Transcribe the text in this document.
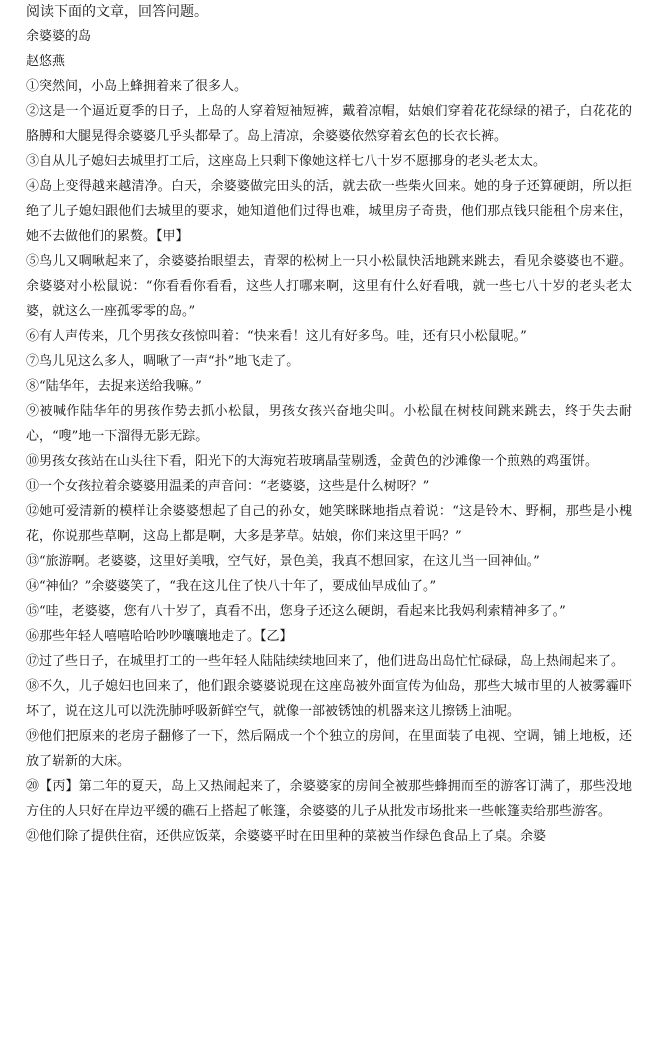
阅读下面的文章，回答问题。

余婆婆的岛

赵悠燕

①突然间，小岛上蜂拥着来了很多人。

②这是一个逼近夏季的日子，上岛的人穿着短袖短裤，戴着凉帽，姑娘们穿着花花绿绿的裙子，白花花的胳膊和大腿晃得余婆婆几乎头都晕了。岛上清凉，余婆婆依然穿着玄色的长衣长裤。

③自从儿子媳妇去城里打工后，这座岛上只剩下像她这样七八十岁不愿挪身的老头老太太。

④岛上变得越来越清净。白天，余婆婆做完田头的活，就去砍一些柴火回来。她的身子还算硬朗，所以拒绝了儿子媳妇跟他们去城里的要求，她知道他们过得也难，城里房子奇贵，他们那点钱只能租个房来住，她不去做他们的累赘。【甲】

⑤鸟儿又啁啾起来了，余婆婆抬眼望去，青翠的松树上一只小松鼠快活地跳来跳去，看见余婆婆也不避。余婆婆对小松鼠说：“你看看你看看，这些人打哪来啊，这里有什么好看哦，就一些七八十岁的老头老太婆，就这么一座孤零零的岛。”

⑥有人声传来，几个男孩女孩惊叫着：“快来看！这儿有好多鸟。哇，还有只小松鼠呢。”

⑦鸟儿见这么多人，啁啾了一声“扑”地飞走了。

⑧“陆华年，去捉来送给我嘛。”

⑨被喊作陆华年的男孩作势去抓小松鼠，男孩女孩兴奋地尖叫。小松鼠在树枝间跳来跳去，终于失去耐心，“嗖”地一下溜得无影无踪。

⑩男孩女孩站在山头往下看，阳光下的大海宛若玻璃晶莹剔透，金黄色的沙滩像一个煎熟的鸡蛋饼。

⑪一个女孩拉着余婆婆用温柔的声音问：“老婆婆，这些是什么树呀？”

⑫她可爱清新的模样让余婆婆想起了自己的孙女，她笑眯眯地指点着说：“这是铃木、野桐，那些是小槐花，你说那些草啊，这岛上都是啊，大多是茅草。姑娘，你们来这里干吗？”

⑬“旅游啊。老婆婆，这里好美哦，空气好，景色美，我真不想回家，在这儿当一回神仙。”

⑭“神仙？”余婆婆笑了，“我在这儿住了快八十年了，要成仙早成仙了。”

⑮“哇，老婆婆，您有八十岁了，真看不出，您身子还这么硬朗，看起来比我妈利索精神多了。”

⑯那些年轻人嘻嘻哈哈吵吵嚷嚷地走了。【乙】

⑰过了些日子，在城里打工的一些年轻人陆陆续续地回来了，他们进岛出岛忙忙碌碌，岛上热闹起来了。

⑱不久，儿子媳妇也回来了，他们跟余婆婆说现在这座岛被外面宣传为仙岛，那些大城市里的人被雾霾吓坏了，说在这儿可以洗洗肺呼吸新鲜空气，就像一部被锈蚀的机器来这儿擦锈上油呢。

⑲他们把原来的老房子翻修了一下，然后隔成一个个独立的房间，在里面装了电视、空调，铺上地板，还放了崭新的大床。

⑳【丙】第二年的夏天，岛上又热闹起来了，余婆婆家的房间全被那些蜂拥而至的游客订满了，那些没地方住的人只好在岸边平缓的礁石上搭起了帐篷，余婆婆的儿子从批发市场批来一些帐篷卖给那些游客。

㉑他们除了提供住宿，还供应饭菜，余婆婆平时在田里种的菜被当作绿色食品上了桌。余婆
